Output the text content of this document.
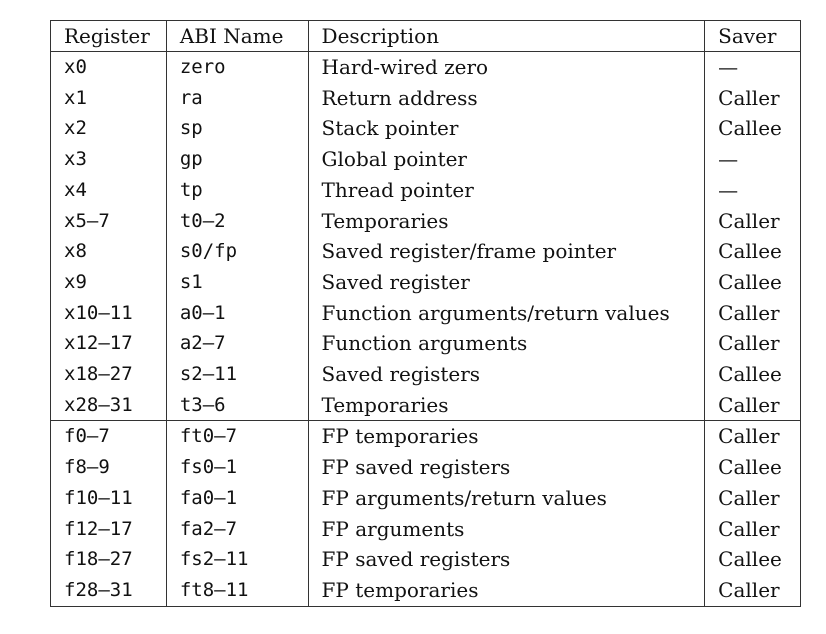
Register	ABI Name	Description	Saver
x0	zero	Hard-wired zero	—
x1	ra	Return address	Caller
x2	sp	Stack pointer	Callee
x3	gp	Global pointer	—
x4	tp	Thread pointer	—
x5–7	t0–2	Temporaries	Caller
x8	s0/fp	Saved register/frame pointer	Callee
x9	s1	Saved register	Callee
x10–11	a0–1	Function arguments/return values	Caller
x12–17	a2–7	Function arguments	Caller
x18–27	s2–11	Saved registers	Callee
x28–31	t3–6	Temporaries	Caller
f0–7	ft0–7	FP temporaries	Caller
f8–9	fs0–1	FP saved registers	Callee
f10–11	fa0–1	FP arguments/return values	Caller
f12–17	fa2–7	FP arguments	Caller
f18–27	fs2–11	FP saved registers	Callee
f28–31	ft8–11	FP temporaries	Caller
